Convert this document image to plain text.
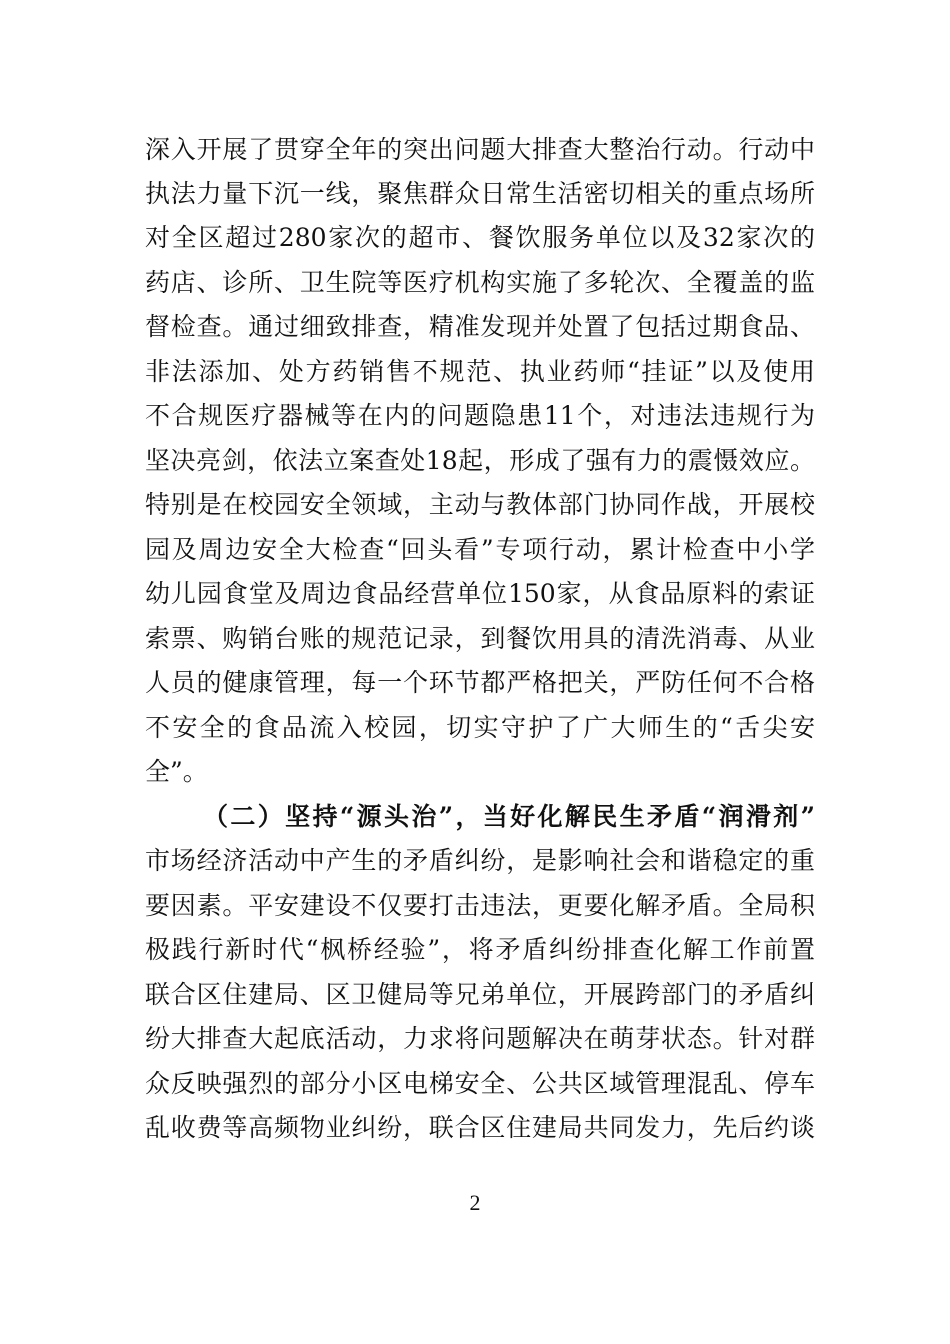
深入开展了贯穿全年的突出问题大排查大整治行动。行动中
执法力量下沉一线，聚焦群众日常生活密切相关的重点场所
对全区超过280家次的超市、餐饮服务单位以及32家次的
药店、诊所、卫生院等医疗机构实施了多轮次、全覆盖的监
督检查。通过细致排查，精准发现并处置了包括过期食品、
非法添加、处方药销售不规范、执业药师“挂证”以及使用
不合规医疗器械等在内的问题隐患11个，对违法违规行为
坚决亮剑，依法立案查处18起，形成了强有力的震慑效应。
特别是在校园安全领域，主动与教体部门协同作战，开展校
园及周边安全大检查“回头看”专项行动，累计检查中小学
幼儿园食堂及周边食品经营单位150家，从食品原料的索证
索票、购销台账的规范记录，到餐饮用具的清洗消毒、从业
人员的健康管理，每一个环节都严格把关，严防任何不合格
不安全的食品流入校园，切实守护了广大师生的“舌尖安
全”。
（二）坚持“源头治”，当好化解民生矛盾“润滑剂”
市场经济活动中产生的矛盾纠纷，是影响社会和谐稳定的重
要因素。平安建设不仅要打击违法，更要化解矛盾。全局积
极践行新时代“枫桥经验”，将矛盾纠纷排查化解工作前置
联合区住建局、区卫健局等兄弟单位，开展跨部门的矛盾纠
纷大排查大起底活动，力求将问题解决在萌芽状态。针对群
众反映强烈的部分小区电梯安全、公共区域管理混乱、停车
乱收费等高频物业纠纷，联合区住建局共同发力，先后约谈
2
